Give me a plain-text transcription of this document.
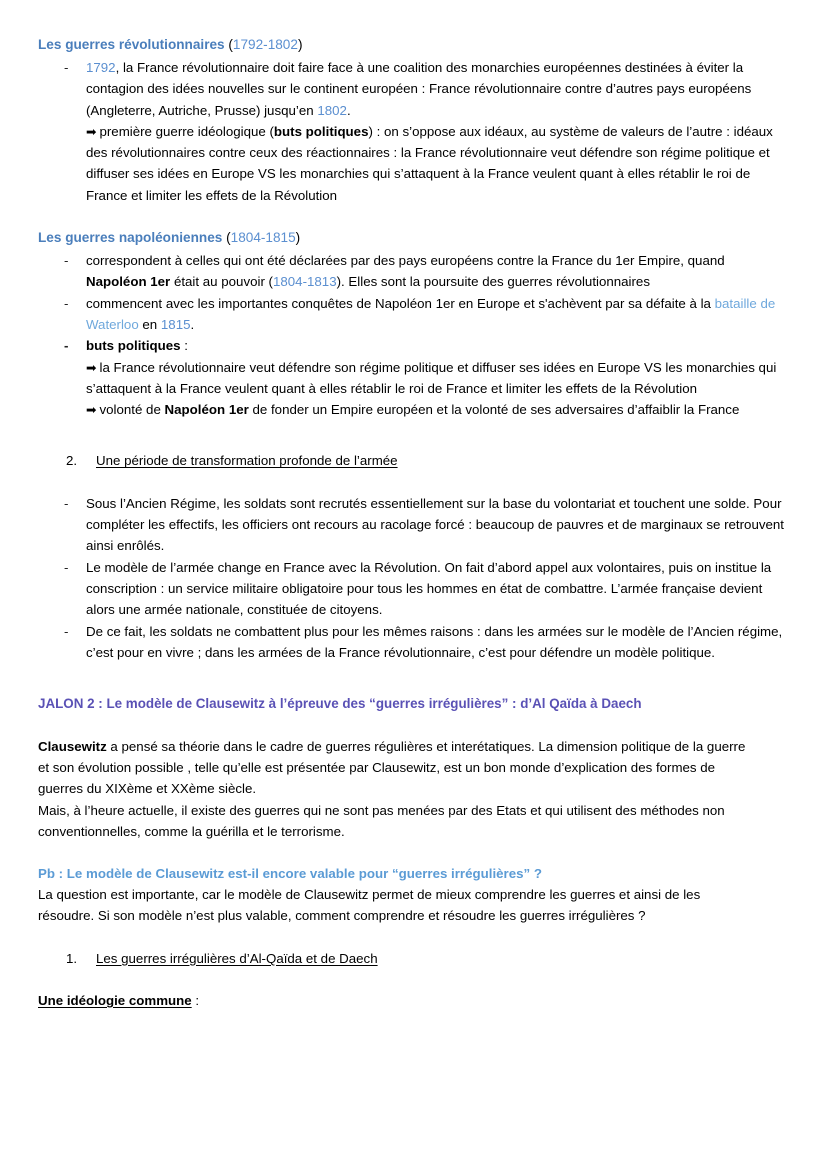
Les guerres révolutionnaires (1792-1802)
- 1792, la France révolutionnaire doit faire face à une coalition des monarchies européennes destinées à éviter la contagion des idées nouvelles sur le continent européen : France révolutionnaire contre d’autres pays européens (Angleterre, Autriche, Prusse) jusqu’en 1802.
➡ première guerre idéologique (buts politiques) : on s’oppose aux idéaux, au système de valeurs de l’autre : idéaux des révolutionnaires contre ceux des réactionnaires : la France révolutionnaire veut défendre son régime politique et diffuser ses idées en Europe VS les monarchies qui s’attaquent à la France veulent quant à elles rétablir le roi de France et limiter les effets de la Révolution
Les guerres napoléoniennes (1804-1815)
- correspondent à celles qui ont été déclarées par des pays européens contre la France du 1er Empire, quand Napoléon 1er était au pouvoir (1804-1813). Elles sont la poursuite des guerres révolutionnaires
- commencent avec les importantes conquêtes de Napoléon 1er en Europe et s'achèvent par sa défaite à la bataille de Waterloo en 1815.
- buts politiques :
➡ la France révolutionnaire veut défendre son régime politique et diffuser ses idées en Europe VS les monarchies qui s’attaquent à la France veulent quant à elles rétablir le roi de France et limiter les effets de la Révolution
➡ volonté de Napoléon 1er de fonder un Empire européen et la volonté de ses adversaires d’affaiblir la France
2. Une période de transformation profonde de l’armée
- Sous l’Ancien Régime, les soldats sont recrutés essentiellement sur la base du volontariat et touchent une solde. Pour compléter les effectifs, les officiers ont recours au racolage forcé : beaucoup de pauvres et de marginaux se retrouvent ainsi enrôlés.
- Le modèle de l’armée change en France avec la Révolution. On fait d’abord appel aux volontaires, puis on institue la conscription : un service militaire obligatoire pour tous les hommes en état de combattre. L’armée française devient alors une armée nationale, constituée de citoyens.
- De ce fait, les soldats ne combattent plus pour les mêmes raisons : dans les armées sur le modèle de l’Ancien régime, c’est pour en vivre ; dans les armées de la France révolutionnaire, c’est pour défendre un modèle politique.
JALON 2 : Le modèle de Clausewitz à l’épreuve des “guerres irrégulières” : d’Al Qaïda à Daech

Clausewitz a pensé sa théorie dans le cadre de guerres régulières et interétatiques. La dimension politique de la guerre et son évolution possible , telle qu’elle est présentée par Clausewitz, est un bon monde d’explication des formes de guerres du XIXème et XXème siècle.

Mais, à l’heure actuelle, il existe des guerres qui ne sont pas menées par des Etats et qui utilisent des méthodes non conventionnelles, comme la guérilla et le terrorisme.

Pb : Le modèle de Clausewitz est-il encore valable pour “guerres irrégulières” ?

La question est importante, car le modèle de Clausewitz permet de mieux comprendre les guerres et ainsi de les résoudre. Si son modèle n’est plus valable, comment comprendre et résoudre les guerres irrégulières ?

1. Les guerres irrégulières d’Al-Qaïda et de Daech

Une idéologie commune :
